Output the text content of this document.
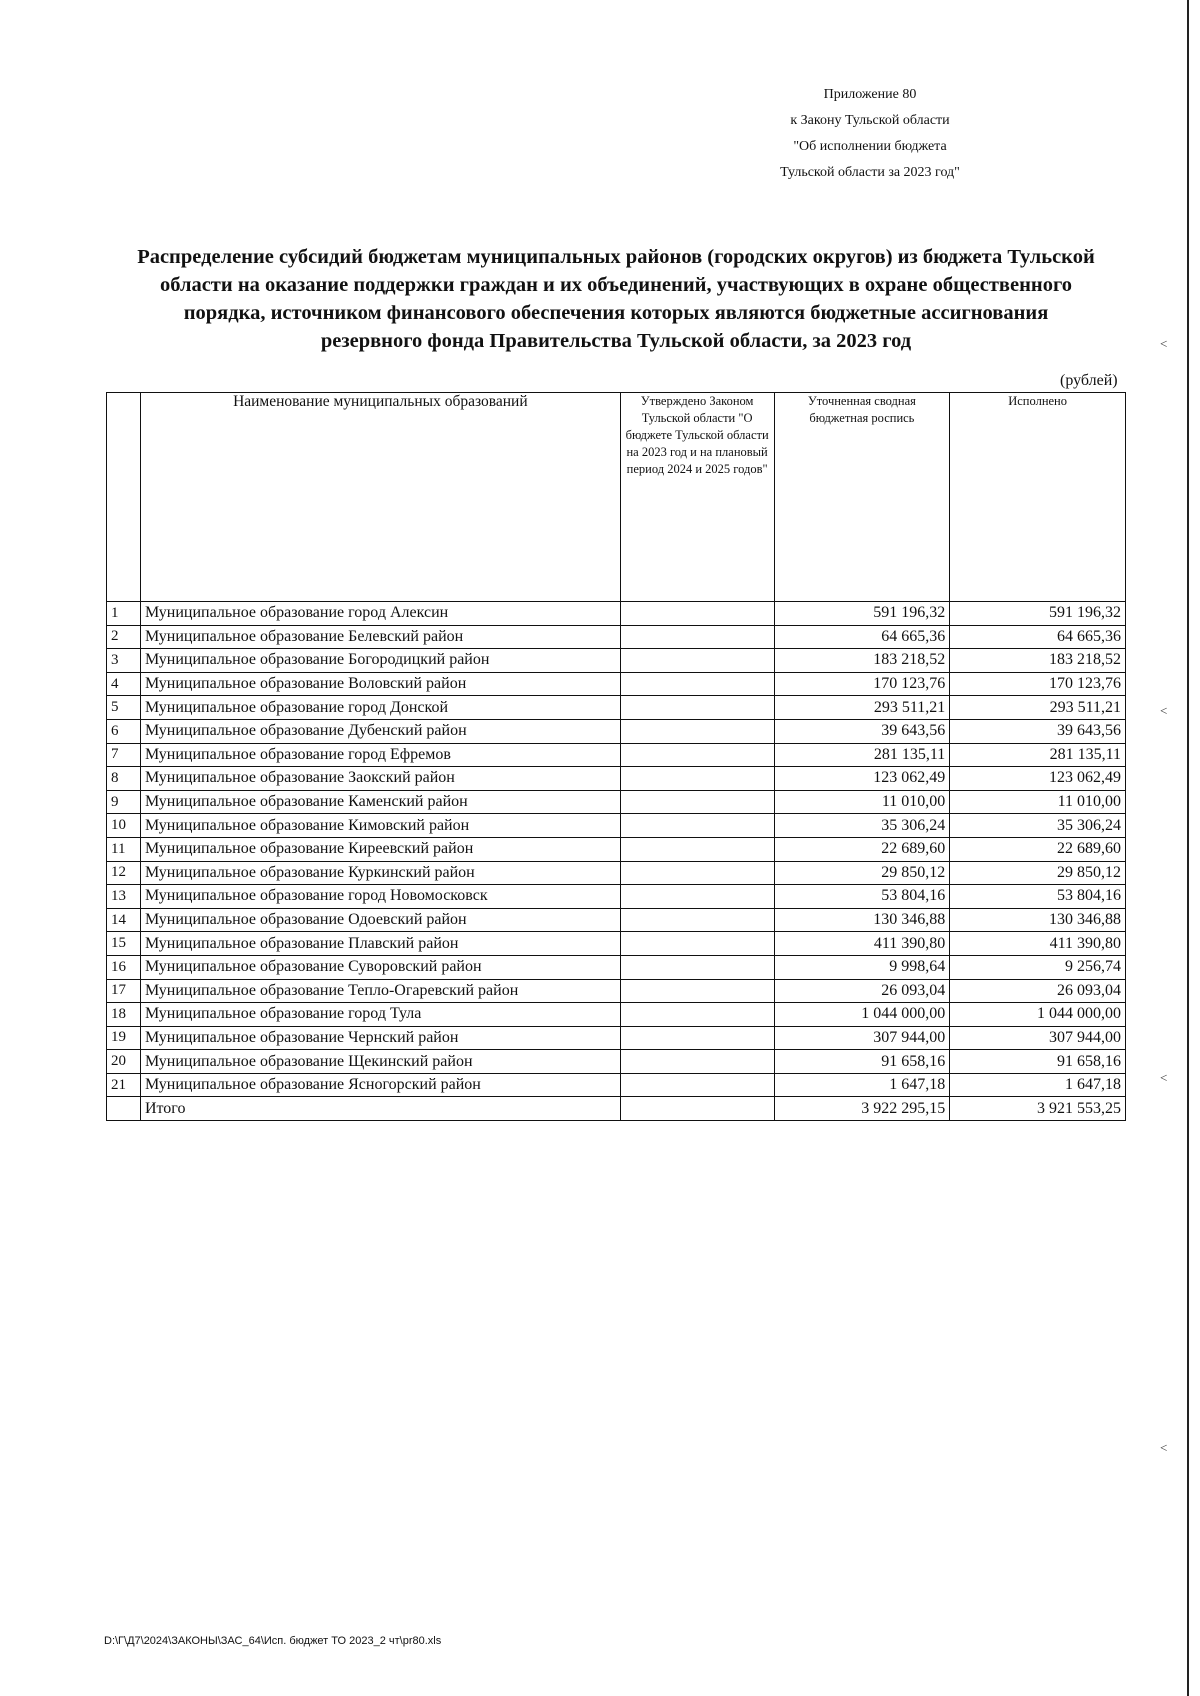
<
<
<
<
Приложение 80
к Закону Тульской области
"Об исполнении бюджета
Тульской области за 2023 год"
Распределение субсидий бюджетам муниципальных районов (городских округов) из бюджета Тульской
области на оказание поддержки граждан и их объединений, участвующих в охране общественного
порядка, источником финансового обеспечения которых являются бюджетные ассигнования
резервного фонда Правительства Тульской области, за 2023 год
(рублей)
	Наименование муниципальных образований	Утверждено Законом Тульской области "О бюджете Тульской области на 2023 год и на плановый период 2024 и 2025 годов"	Уточненная сводная бюджетная роспись	Исполнено
1	Муниципальное образование город Алексин		591 196,32	591 196,32
2	Муниципальное образование Белевский район		64 665,36	64 665,36
3	Муниципальное образование Богородицкий район		183 218,52	183 218,52
4	Муниципальное образование Воловский район		170 123,76	170 123,76
5	Муниципальное образование город Донской		293 511,21	293 511,21
6	Муниципальное образование Дубенский район		39 643,56	39 643,56
7	Муниципальное образование город Ефремов		281 135,11	281 135,11
8	Муниципальное образование Заокский район		123 062,49	123 062,49
9	Муниципальное образование Каменский район		11 010,00	11 010,00
10	Муниципальное образование Кимовский район		35 306,24	35 306,24
11	Муниципальное образование Киреевский район		22 689,60	22 689,60
12	Муниципальное образование Куркинский район		29 850,12	29 850,12
13	Муниципальное образование город Новомосковск		53 804,16	53 804,16
14	Муниципальное образование Одоевский район		130 346,88	130 346,88
15	Муниципальное образование Плавский район		411 390,80	411 390,80
16	Муниципальное образование Суворовский район		9 998,64	9 256,74
17	Муниципальное образование Тепло-Огаревский район		26 093,04	26 093,04
18	Муниципальное образование город Тула		1 044 000,00	1 044 000,00
19	Муниципальное образование Чернский район		307 944,00	307 944,00
20	Муниципальное образование Щекинский район		91 658,16	91 658,16
21	Муниципальное образование Ясногорский район		1 647,18	1 647,18
	Итого		3 922 295,15	3 921 553,25
D:\Г\Д7\2024\ЗАКОНЫ\ЗАС_64\Исп. бюджет ТО 2023_2 чт\pr80.xls
